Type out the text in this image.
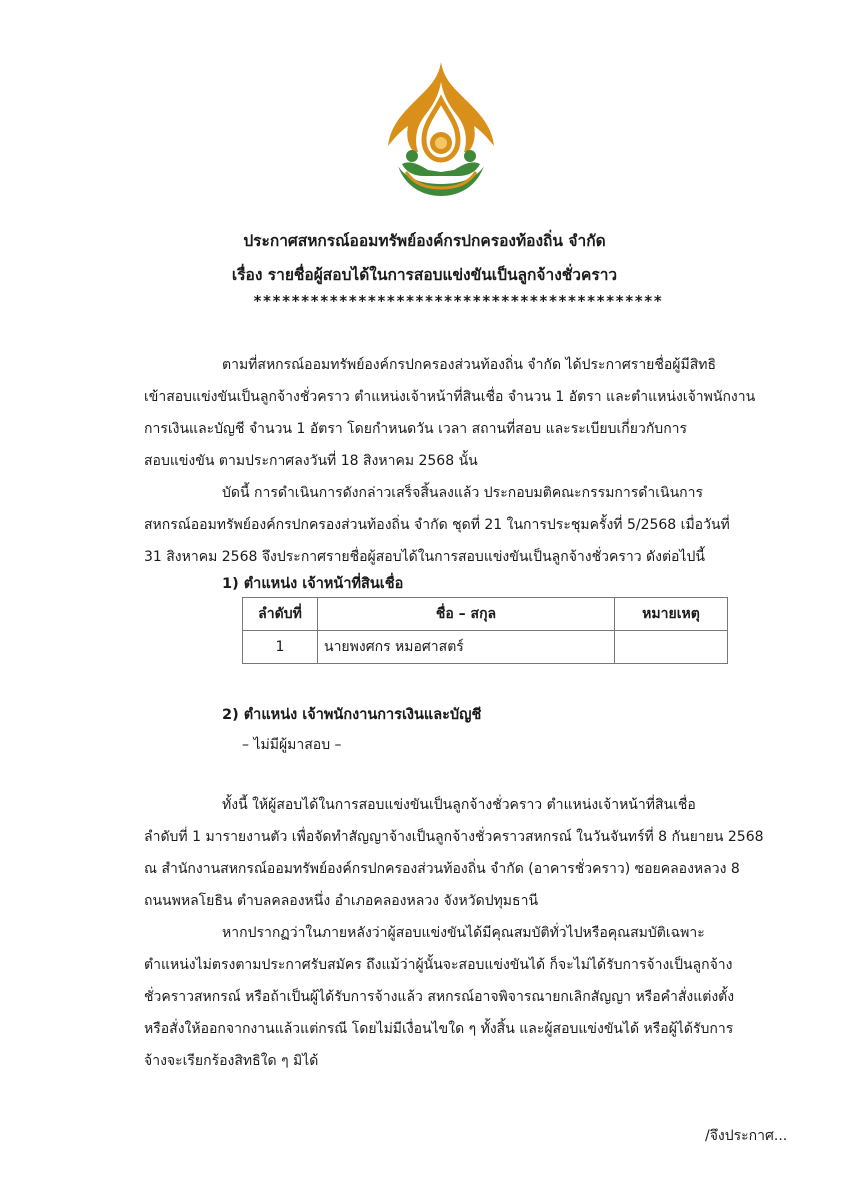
ประกาศสหกรณ์ออมทรัพย์องค์กรปกครองท้องถิ่น จำกัด
เรื่อง รายชื่อผู้สอบได้ในการสอบแข่งขันเป็นลูกจ้างชั่วคราว
*******************************************
ตามที่สหกรณ์ออมทรัพย์องค์กรปกครองส่วนท้องถิ่น จำกัด ได้ประกาศรายชื่อผู้มีสิทธิ
เข้าสอบแข่งขันเป็นลูกจ้างชั่วคราว ตำแหน่งเจ้าหน้าที่สินเชื่อ จำนวน 1 อัตรา และตำแหน่งเจ้าพนักงาน
การเงินและบัญชี จำนวน 1 อัตรา โดยกำหนดวัน เวลา สถานที่สอบ และระเบียบเกี่ยวกับการ
สอบแข่งขัน ตามประกาศลงวันที่ 18 สิงหาคม 2568 นั้น
บัดนี้ การดำเนินการดังกล่าวเสร็จสิ้นลงแล้ว ประกอบมติคณะกรรมการดำเนินการ
สหกรณ์ออมทรัพย์องค์กรปกครองส่วนท้องถิ่น จำกัด ชุดที่ 21 ในการประชุมครั้งที่ 5/2568 เมื่อวันที่
31 สิงหาคม 2568 จึงประกาศรายชื่อผู้สอบได้ในการสอบแข่งขันเป็นลูกจ้างชั่วคราว ดังต่อไปนี้
1) ตำแหน่ง เจ้าหน้าที่สินเชื่อ
ลำดับที่	ชื่อ – สกุล	หมายเหตุ
1	นายพงศกร หมอศาสตร์	
2) ตำแหน่ง เจ้าพนักงานการเงินและบัญชี
– ไม่มีผู้มาสอบ –
ทั้งนี้ ให้ผู้สอบได้ในการสอบแข่งขันเป็นลูกจ้างชั่วคราว ตำแหน่งเจ้าหน้าที่สินเชื่อ
ลำดับที่ 1 มารายงานตัว เพื่อจัดทำสัญญาจ้างเป็นลูกจ้างชั่วคราวสหกรณ์ ในวันจันทร์ที่ 8 กันยายน 2568
ณ สำนักงานสหกรณ์ออมทรัพย์องค์กรปกครองส่วนท้องถิ่น จำกัด (อาคารชั่วคราว) ซอยคลองหลวง 8
ถนนพหลโยธิน ตำบลคลองหนึ่ง อำเภอคลองหลวง จังหวัดปทุมธานี
หากปรากฏว่าในภายหลังว่าผู้สอบแข่งขันได้มีคุณสมบัติทั่วไปหรือคุณสมบัติเฉพาะ
ตำแหน่งไม่ตรงตามประกาศรับสมัคร ถึงแม้ว่าผู้นั้นจะสอบแข่งขันได้ ก็จะไม่ได้รับการจ้างเป็นลูกจ้าง
ชั่วคราวสหกรณ์ หรือถ้าเป็นผู้ได้รับการจ้างแล้ว สหกรณ์อาจพิจารณายกเลิกสัญญา หรือคำสั่งแต่งตั้ง
หรือสั่งให้ออกจากงานแล้วแต่กรณี โดยไม่มีเงื่อนไขใด ๆ ทั้งสิ้น และผู้สอบแข่งขันได้ หรือผู้ได้รับการ
จ้างจะเรียกร้องสิทธิใด ๆ มิได้
/จึงประกาศ...
